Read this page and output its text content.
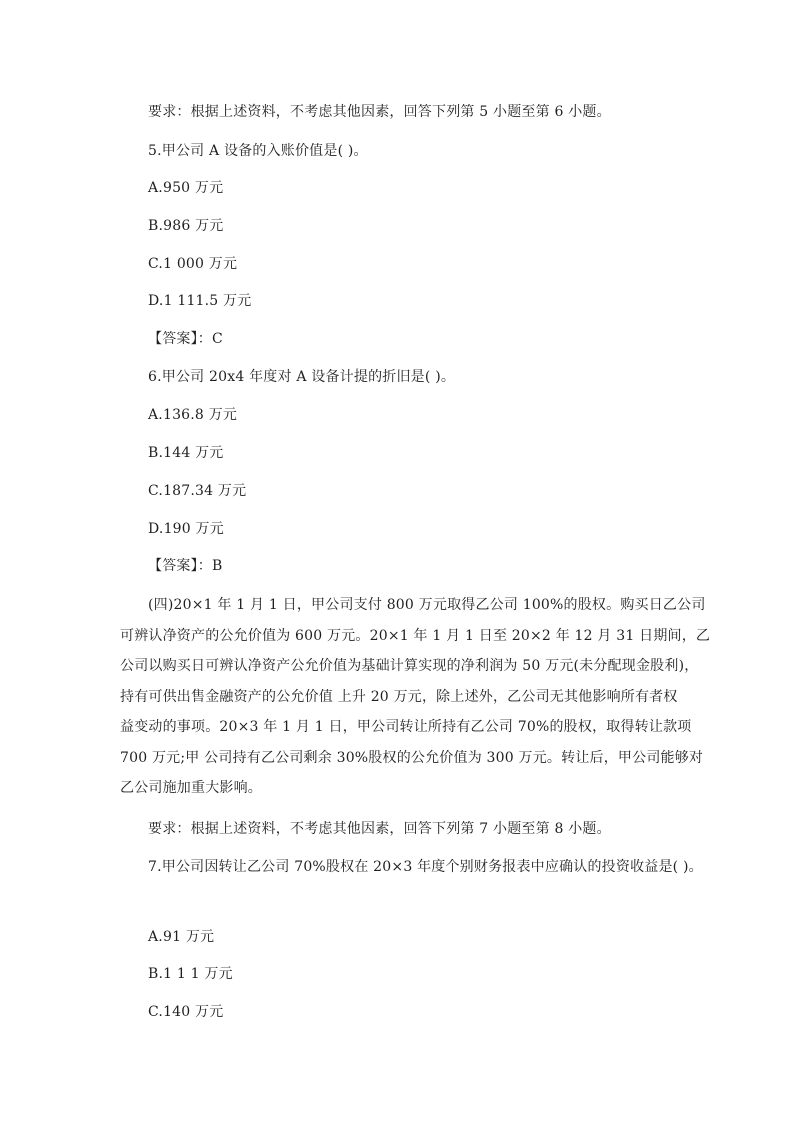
要求：根据上述资料，不考虑其他因素，回答下列第 5 小题至第 6 小题。
5.甲公司 A 设备的入账价值是( )。
A.950 万元
B.986 万元
C.1 000 万元
D.1 111.5 万元
【答案】：C
6.甲公司 20x4 年度对 A 设备计提的折旧是( )。
A.136.8 万元
B.144 万元
C.187.34 万元
D.190 万元
【答案】：B
(四)20×1 年 1 月 1 日，甲公司支付 800 万元取得乙公司 100%的股权。购买日乙公司
可辨认净资产的公允价值为 600 万元。20×1 年 1 月 1 日至 20×2 年 12 月 31 日期间，乙
公司以购买日可辨认净资产公允价值为基础计算实现的净利润为 50 万元(未分配现金股利)，
持有可供出售金融资产的公允价值 上升 20 万元，除上述外，乙公司无其他影响所有者权
益变动的事项。20×3 年 1 月 1 日，甲公司转让所持有乙公司 70%的股权，取得转让款项
700 万元;甲 公司持有乙公司剩余 30%股权的公允价值为 300 万元。转让后，甲公司能够对
乙公司施加重大影响。
要求：根据上述资料，不考虑其他因素，回答下列第 7 小题至第 8 小题。
7.甲公司因转让乙公司 70%股权在 20×3 年度个别财务报表中应确认的投资收益是( )。
A.91 万元
B.1 1 1 万元
C.140 万元
